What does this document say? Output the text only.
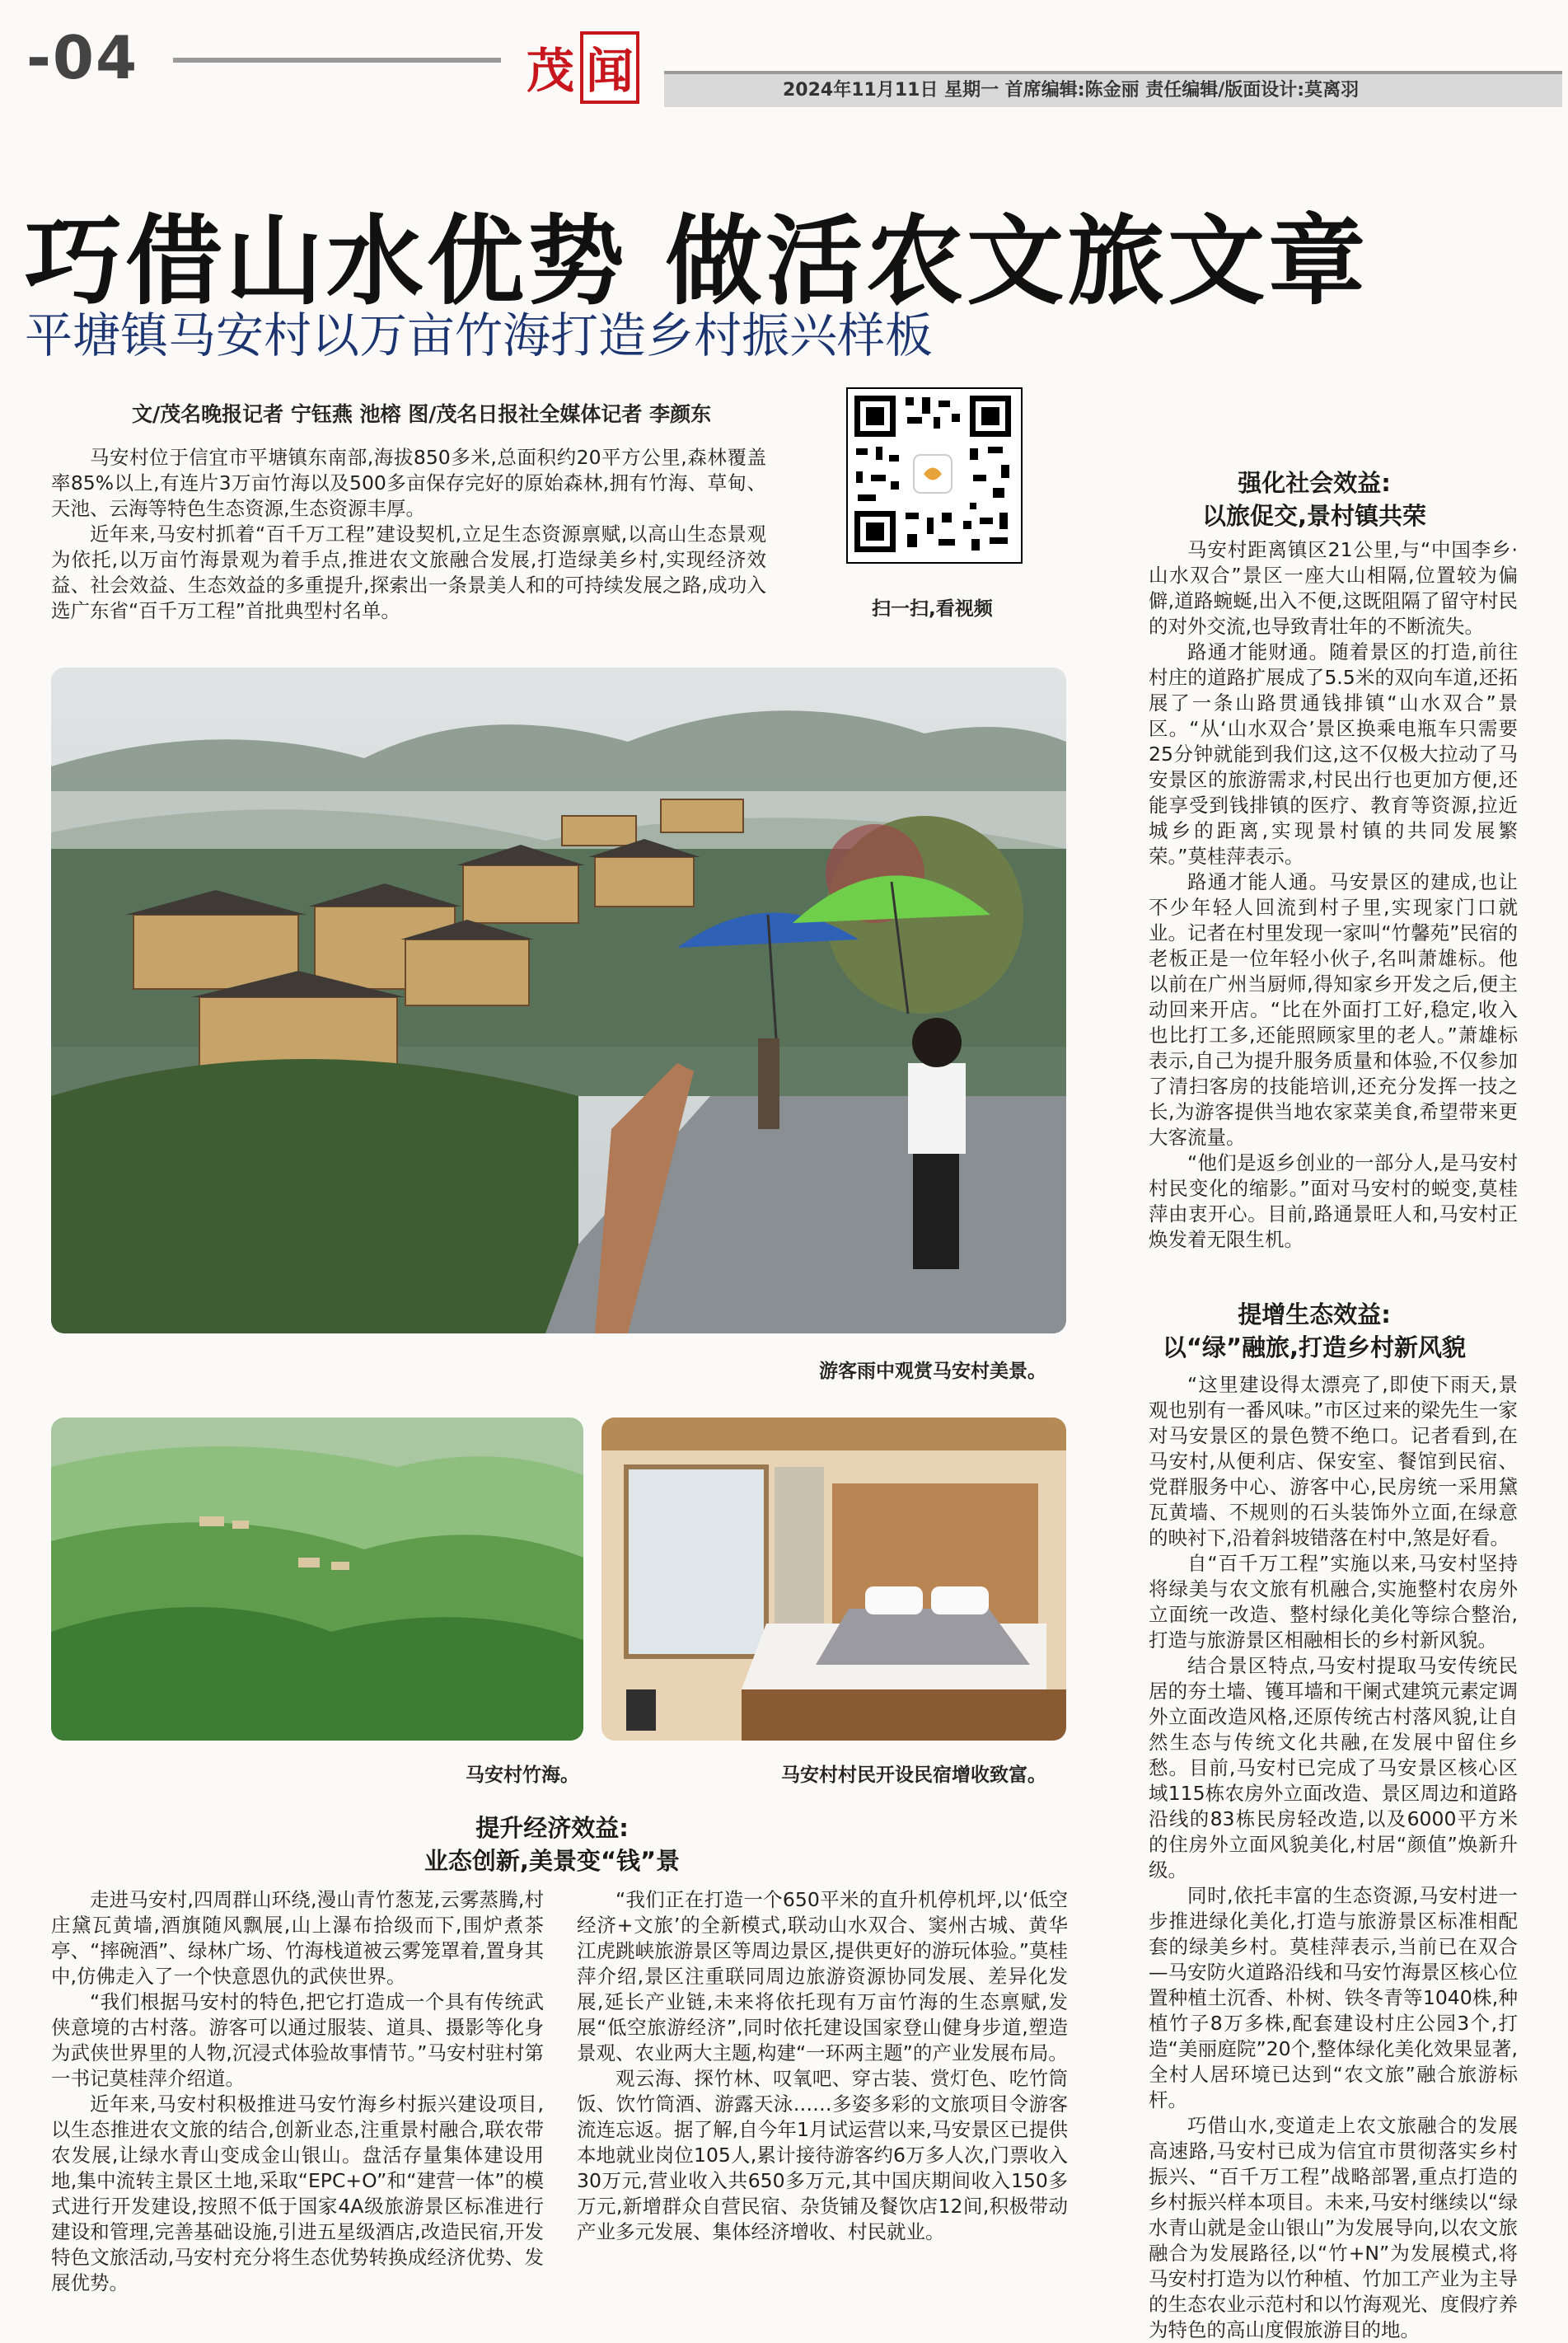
-04	茂 闻	2024年11月11日 星期一 首席编辑:陈金丽 责任编辑/版面设计:莫离羽
巧借山水优势 做活农文旅文章
平塘镇马安村以万亩竹海打造乡村振兴样板
文/茂名晚报记者 宁钰燕 池榕 图/茂名日报社全媒体记者 李颜东

马安村位于信宜市平塘镇东南部,海拔850多米,总面积约20平方公里,森林覆盖率85%以上,有连片3万亩竹海以及500多亩保存完好的原始森林,拥有竹海、草甸、天池、云海等特色生态资源,生态资源丰厚。

近年来,马安村抓着“百千万工程”建设契机,立足生态资源禀赋,以高山生态景观为依托,以万亩竹海景观为着手点,推进农文旅融合发展,打造绿美乡村,实现经济效益、社会效益、生态效益的多重提升,探索出一条景美人和的可持续发展之路,成功入选广东省“百千万工程”首批典型村名单。	扫一扫,看视频
游客雨中观赏马安村美景。
马安村竹海。	马安村村民开设民宿增收致富。
强化社会效益:
以旅促交,景村镇共荣

马安村距离镇区21公里,与“中国李乡·山水双合”景区一座大山相隔,位置较为偏僻,道路蜿蜒,出入不便,这既阻隔了留守村民的对外交流,也导致青壮年的不断流失。

路通才能财通。随着景区的打造,前往村庄的道路扩展成了5.5米的双向车道,还拓展了一条山路贯通钱排镇“山水双合”景区。“从‘山水双合’景区换乘电瓶车只需要25分钟就能到我们这,这不仅极大拉动了马安景区的旅游需求,村民出行也更加方便,还能享受到钱排镇的医疗、教育等资源,拉近城乡的距离,实现景村镇的共同发展繁荣。”莫桂萍表示。

路通才能人通。马安景区的建成,也让不少年轻人回流到村子里,实现家门口就业。记者在村里发现一家叫“竹馨苑”民宿的老板正是一位年轻小伙子,名叫萧雄标。他以前在广州当厨师,得知家乡开发之后,便主动回来开店。“比在外面打工好,稳定,收入也比打工多,还能照顾家里的老人。”萧雄标表示,自己为提升服务质量和体验,不仅参加了清扫客房的技能培训,还充分发挥一技之长,为游客提供当地农家菜美食,希望带来更大客流量。

“他们是返乡创业的一部分人,是马安村村民变化的缩影。”面对马安村的蜕变,莫桂萍由衷开心。目前,路通景旺人和,马安村正焕发着无限生机。

提增生态效益:
以“绿”融旅,打造乡村新风貌

“这里建设得太漂亮了,即使下雨天,景观也别有一番风味。”市区过来的梁先生一家对马安景区的景色赞不绝口。记者看到,在马安村,从便利店、保安室、餐馆到民宿、党群服务中心、游客中心,民房统一采用黛瓦黄墙、不规则的石头装饰外立面,在绿意的映衬下,沿着斜坡错落在村中,煞是好看。

自“百千万工程”实施以来,马安村坚持将绿美与农文旅有机融合,实施整村农房外立面统一改造、整村绿化美化等综合整治,打造与旅游景区相融相长的乡村新风貌。

结合景区特点,马安村提取马安传统民居的夯土墙、镬耳墙和干阑式建筑元素定调外立面改造风格,还原传统古村落风貌,让自然生态与传统文化共融,在发展中留住乡愁。目前,马安村已完成了马安景区核心区域115栋农房外立面改造、景区周边和道路沿线的83栋民房轻改造,以及6000平方米的住房外立面风貌美化,村居“颜值”焕新升级。

同时,依托丰富的生态资源,马安村进一步推进绿化美化,打造与旅游景区标准相配套的绿美乡村。莫桂萍表示,当前已在双合—马安防火道路沿线和马安竹海景区核心位置种植土沉香、朴树、铁冬青等1040株,种植竹子8万多株,配套建设村庄公园3个,打造“美丽庭院”20个,整体绿化美化效果显著,全村人居环境已达到“农文旅”融合旅游标杆。

巧借山水,变道走上农文旅融合的发展高速路,马安村已成为信宜市贯彻落实乡村振兴、“百千万工程”战略部署,重点打造的乡村振兴样本项目。未来,马安村继续以“绿水青山就是金山银山”为发展导向,以农文旅融合为发展路径,以“竹+N”为发展模式,将马安村打造为以竹种植、竹加工产业为主导的生态农业示范村和以竹海观光、度假疗养为特色的高山度假旅游目的地。

提升经济效益:
业态创新,美景变“钱”景

走进马安村,四周群山环绕,漫山青竹葱茏,云雾蒸腾,村庄黛瓦黄墙,酒旗随风飘展,山上瀑布拾级而下,围炉煮茶亭、“摔碗酒”、绿林广场、竹海栈道被云雾笼罩着,置身其中,仿佛走入了一个快意恩仇的武侠世界。

“我们根据马安村的特色,把它打造成一个具有传统武侠意境的古村落。游客可以通过服装、道具、摄影等化身为武侠世界里的人物,沉浸式体验故事情节。”马安村驻村第一书记莫桂萍介绍道。

近年来,马安村积极推进马安竹海乡村振兴建设项目,以生态推进农文旅的结合,创新业态,注重景村融合,联农带农发展,让绿水青山变成金山银山。盘活存量集体建设用地,集中流转主景区土地,采取“EPC+O”和“建营一体”的模式进行开发建设,按照不低于国家4A级旅游景区标准进行建设和管理,完善基础设施,引进五星级酒店,改造民宿,开发特色文旅活动,马安村充分将生态优势转换成经济优势、发展优势。

“我们正在打造一个650平米的直升机停机坪,以‘低空经济+文旅’的全新模式,联动山水双合、窦州古城、黄华江虎跳峡旅游景区等周边景区,提供更好的游玩体验。”莫桂萍介绍,景区注重联同周边旅游资源协同发展、差异化发展,延长产业链,未来将依托现有万亩竹海的生态禀赋,发展“低空旅游经济”,同时依托建设国家登山健身步道,塑造景观、农业两大主题,构建“一环两主题”的产业发展布局。

观云海、探竹林、叹氧吧、穿古装、赏灯色、吃竹筒饭、饮竹筒酒、游露天泳……多姿多彩的文旅项目令游客流连忘返。据了解,自今年1月试运营以来,马安景区已提供本地就业岗位105人,累计接待游客约6万多人次,门票收入30万元,营业收入共650多万元,其中国庆期间收入150多万元,新增群众自营民宿、杂货铺及餐饮店12间,积极带动产业多元发展、集体经济增收、村民就业。
